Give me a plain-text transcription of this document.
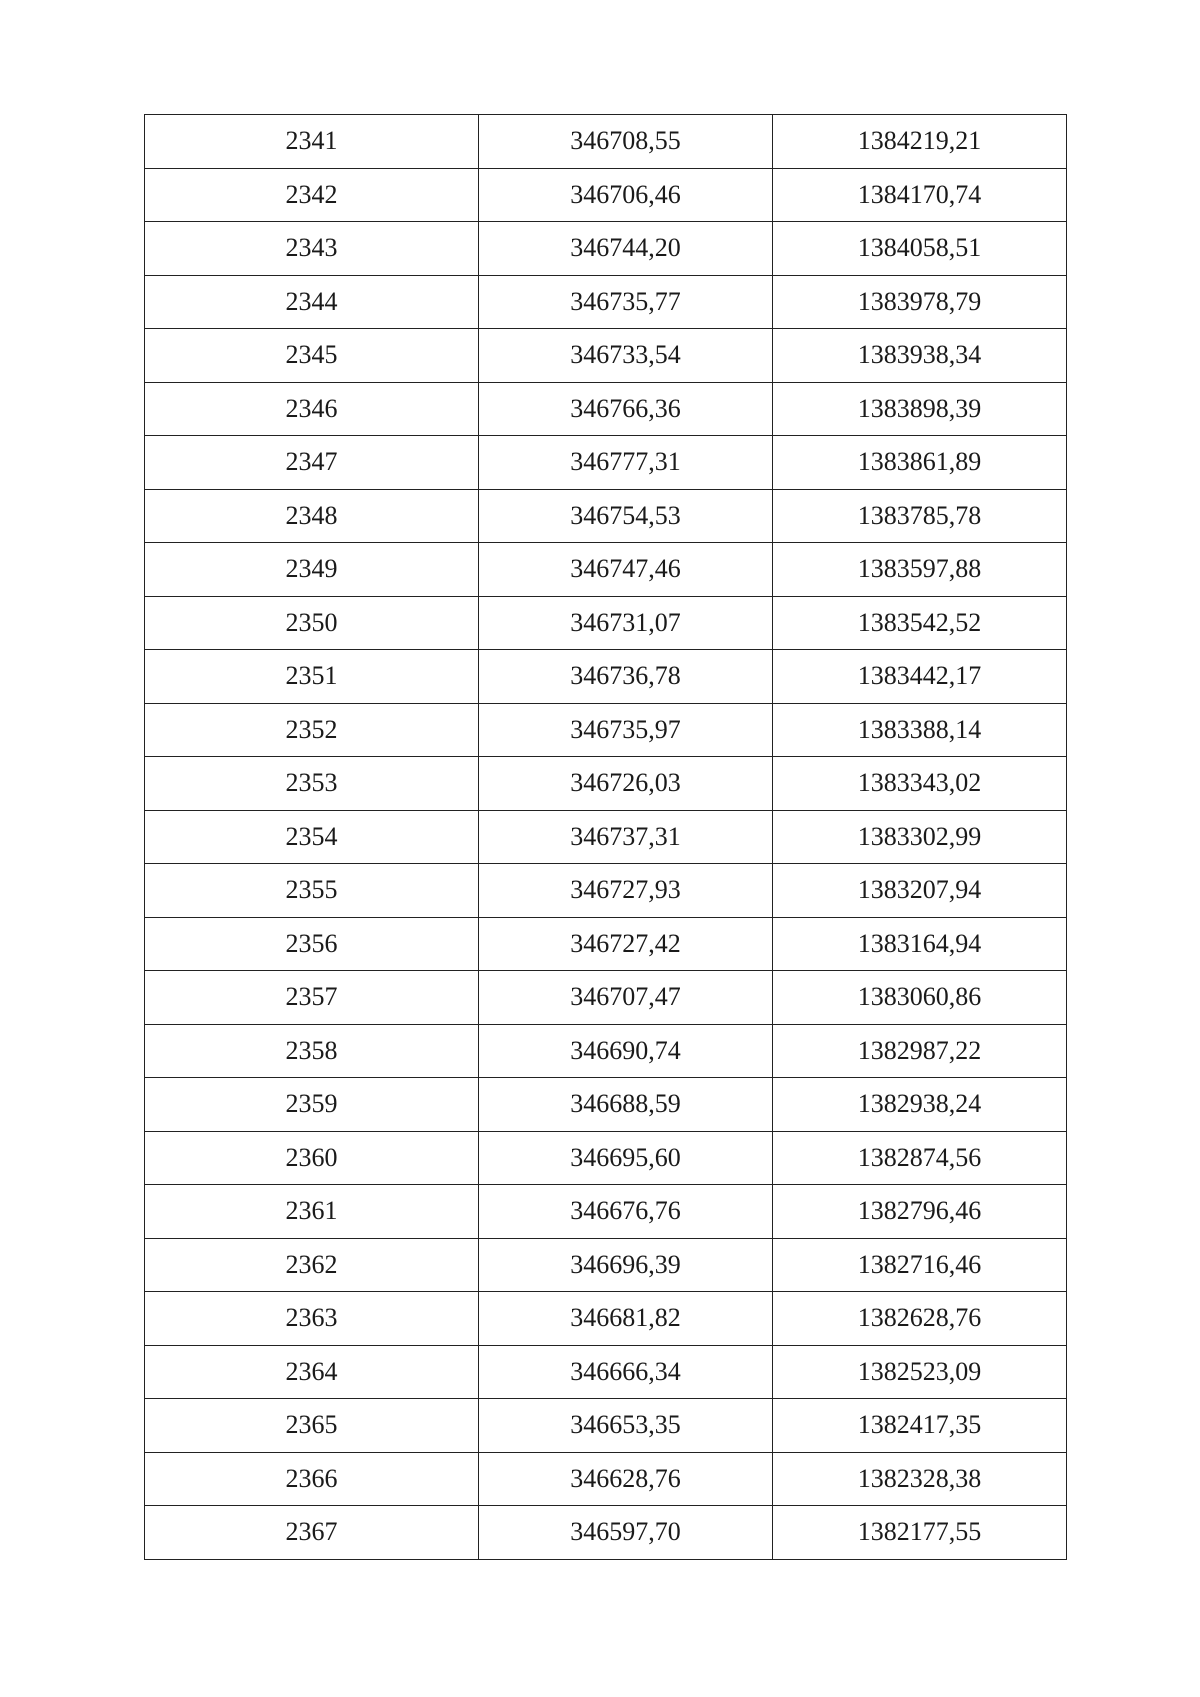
2341	346708,55	1384219,21
2342	346706,46	1384170,74
2343	346744,20	1384058,51
2344	346735,77	1383978,79
2345	346733,54	1383938,34
2346	346766,36	1383898,39
2347	346777,31	1383861,89
2348	346754,53	1383785,78
2349	346747,46	1383597,88
2350	346731,07	1383542,52
2351	346736,78	1383442,17
2352	346735,97	1383388,14
2353	346726,03	1383343,02
2354	346737,31	1383302,99
2355	346727,93	1383207,94
2356	346727,42	1383164,94
2357	346707,47	1383060,86
2358	346690,74	1382987,22
2359	346688,59	1382938,24
2360	346695,60	1382874,56
2361	346676,76	1382796,46
2362	346696,39	1382716,46
2363	346681,82	1382628,76
2364	346666,34	1382523,09
2365	346653,35	1382417,35
2366	346628,76	1382328,38
2367	346597,70	1382177,55
